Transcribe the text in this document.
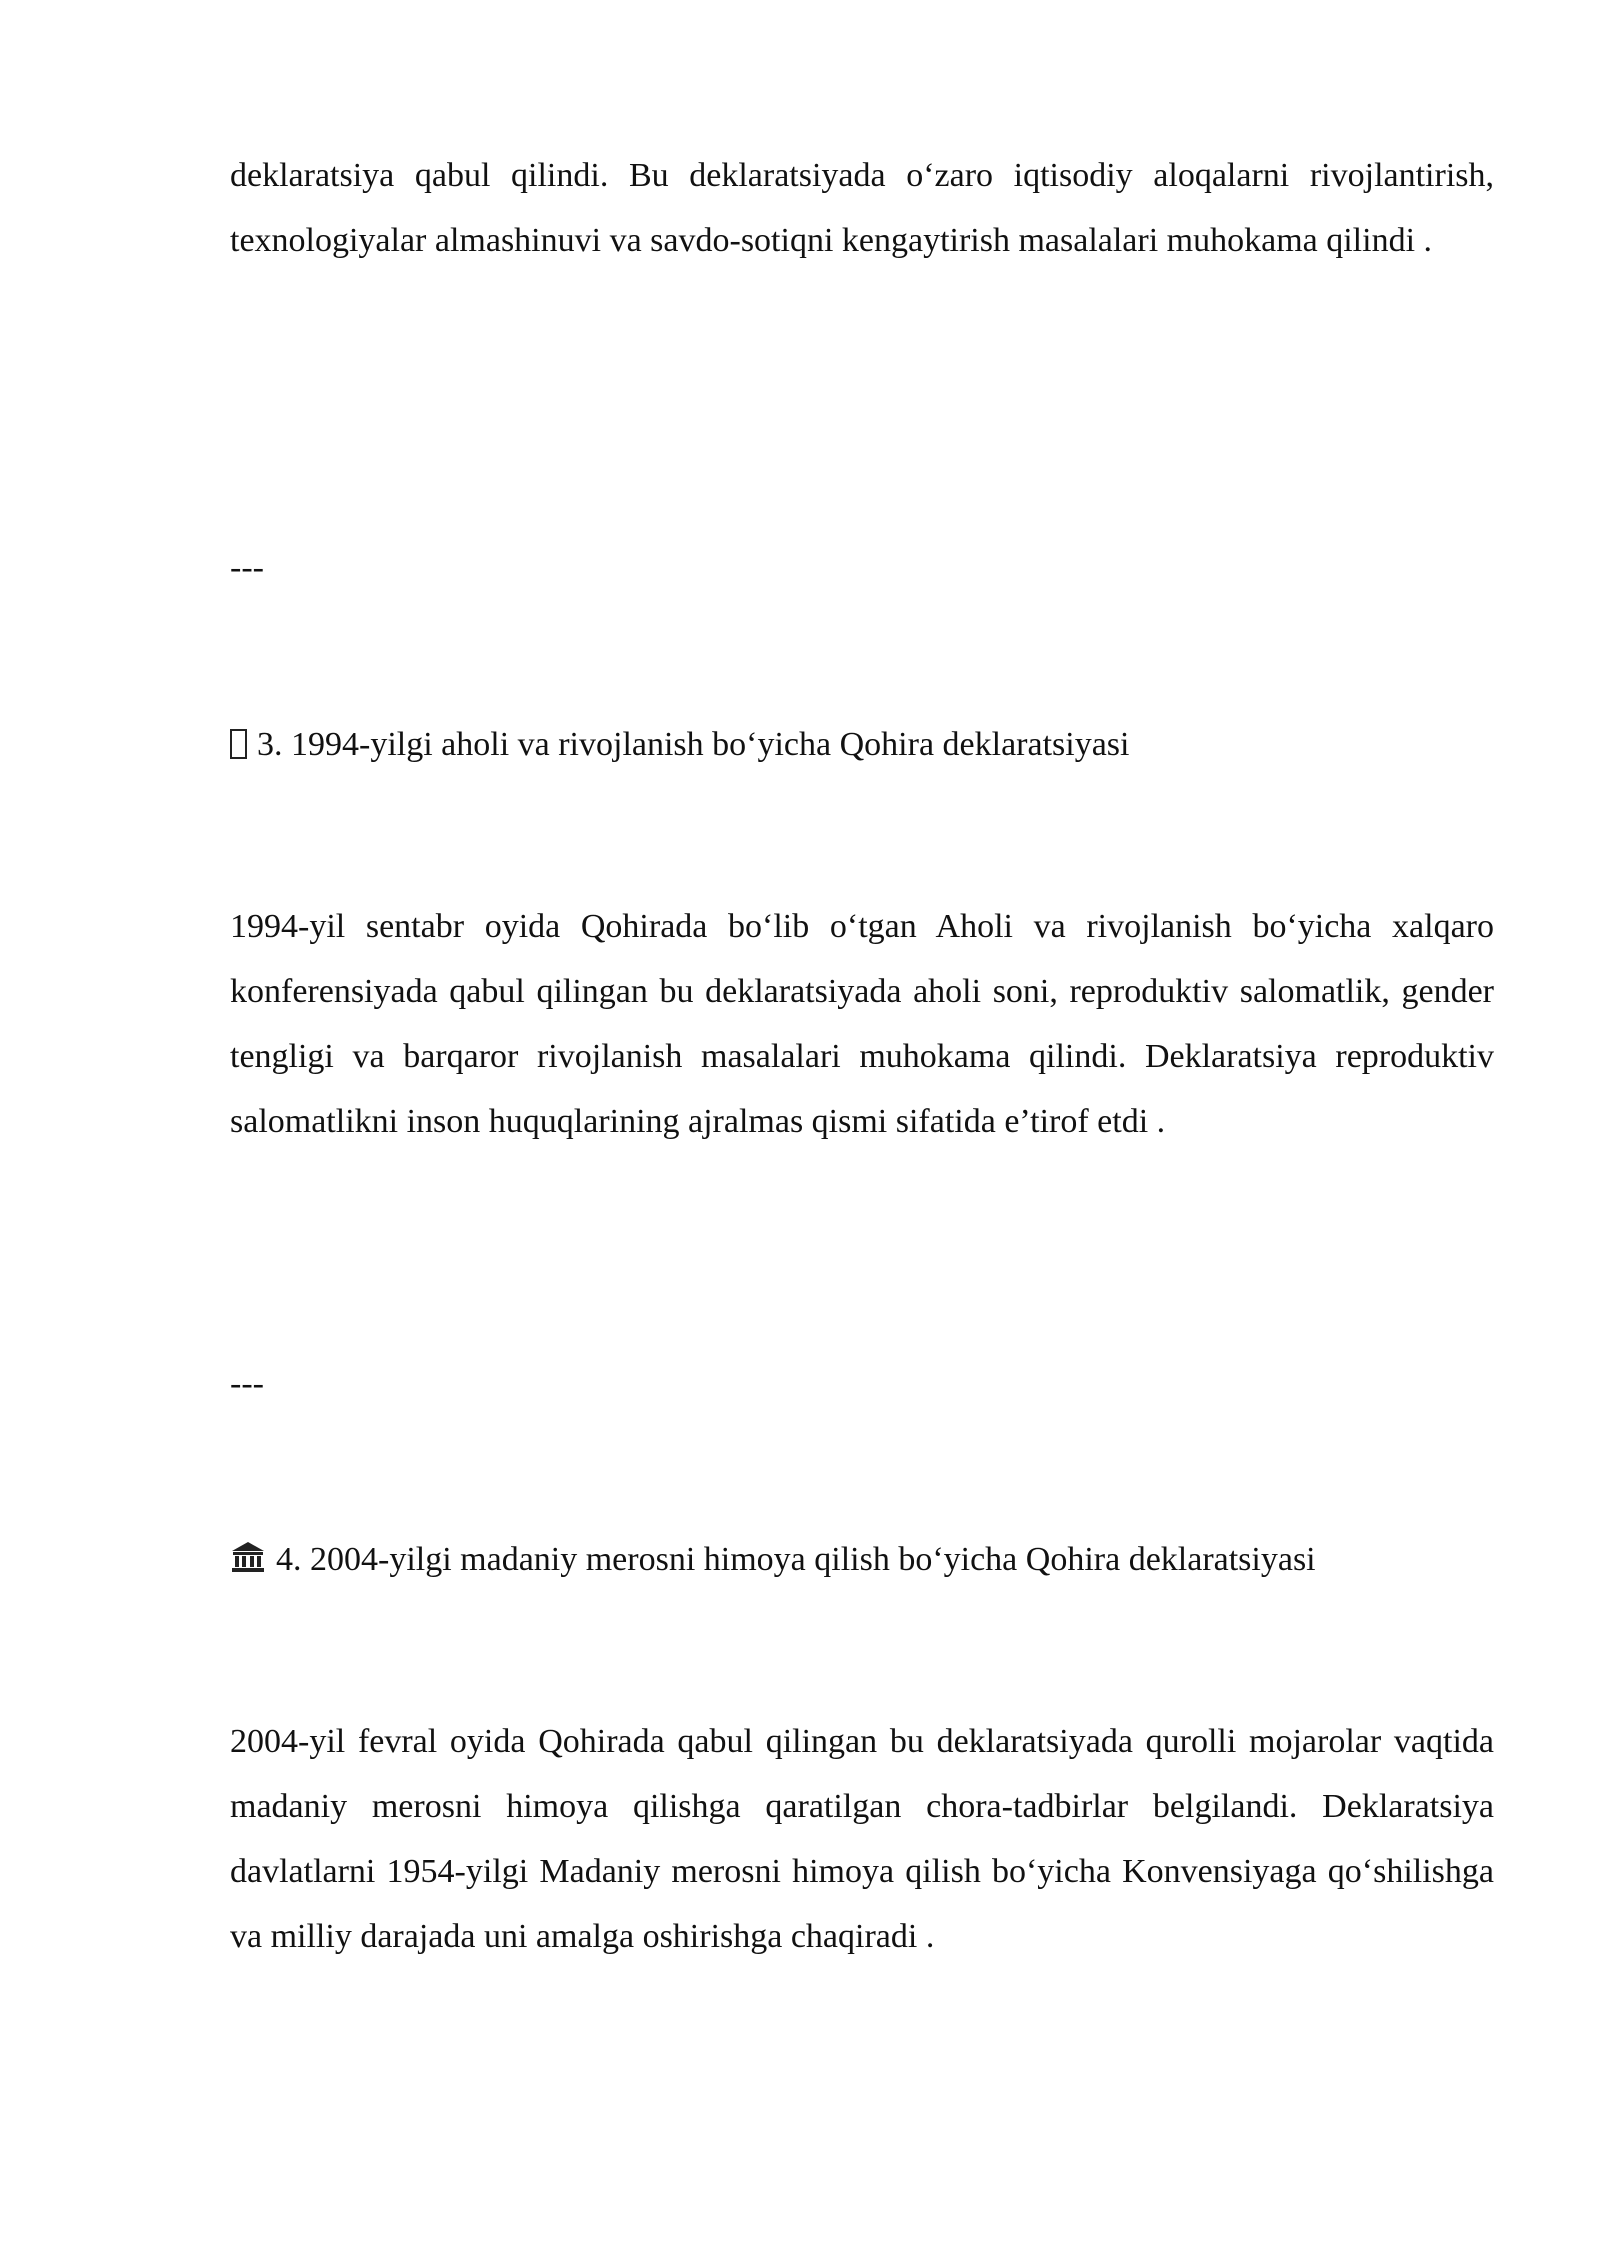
deklaratsiya qabul qilindi. Bu deklaratsiyada o‘zaro iqtisodiy aloqalarni rivojlantirish, texnologiyalar almashinuvi va savdo-sotiqni kengaytirish masalalari muhokama qilindi .

---
3. 1994-yilgi aholi va rivojlanish bo‘yicha Qohira deklaratsiyasi

1994-yil sentabr oyida Qohirada bo‘lib o‘tgan Aholi va rivojlanish bo‘yicha xalqaro konferensiyada qabul qilingan bu deklaratsiyada aholi soni, reproduktiv salomatlik, gender tengligi va barqaror rivojlanish masalalari muhokama qilindi. Deklaratsiya reproduktiv salomatlikni inson huquqlarining ajralmas qismi sifatida e’tirof etdi .

---
4. 2004-yilgi madaniy merosni himoya qilish bo‘yicha Qohira deklaratsiyasi

2004-yil fevral oyida Qohirada qabul qilingan bu deklaratsiyada qurolli mojarolar vaqtida madaniy merosni himoya qilishga qaratilgan chora-tadbirlar belgilandi. Deklaratsiya davlatlarni 1954-yilgi Madaniy merosni himoya qilish bo‘yicha Konvensiyaga qo‘shilishga va milliy darajada uni amalga oshirishga chaqiradi .
